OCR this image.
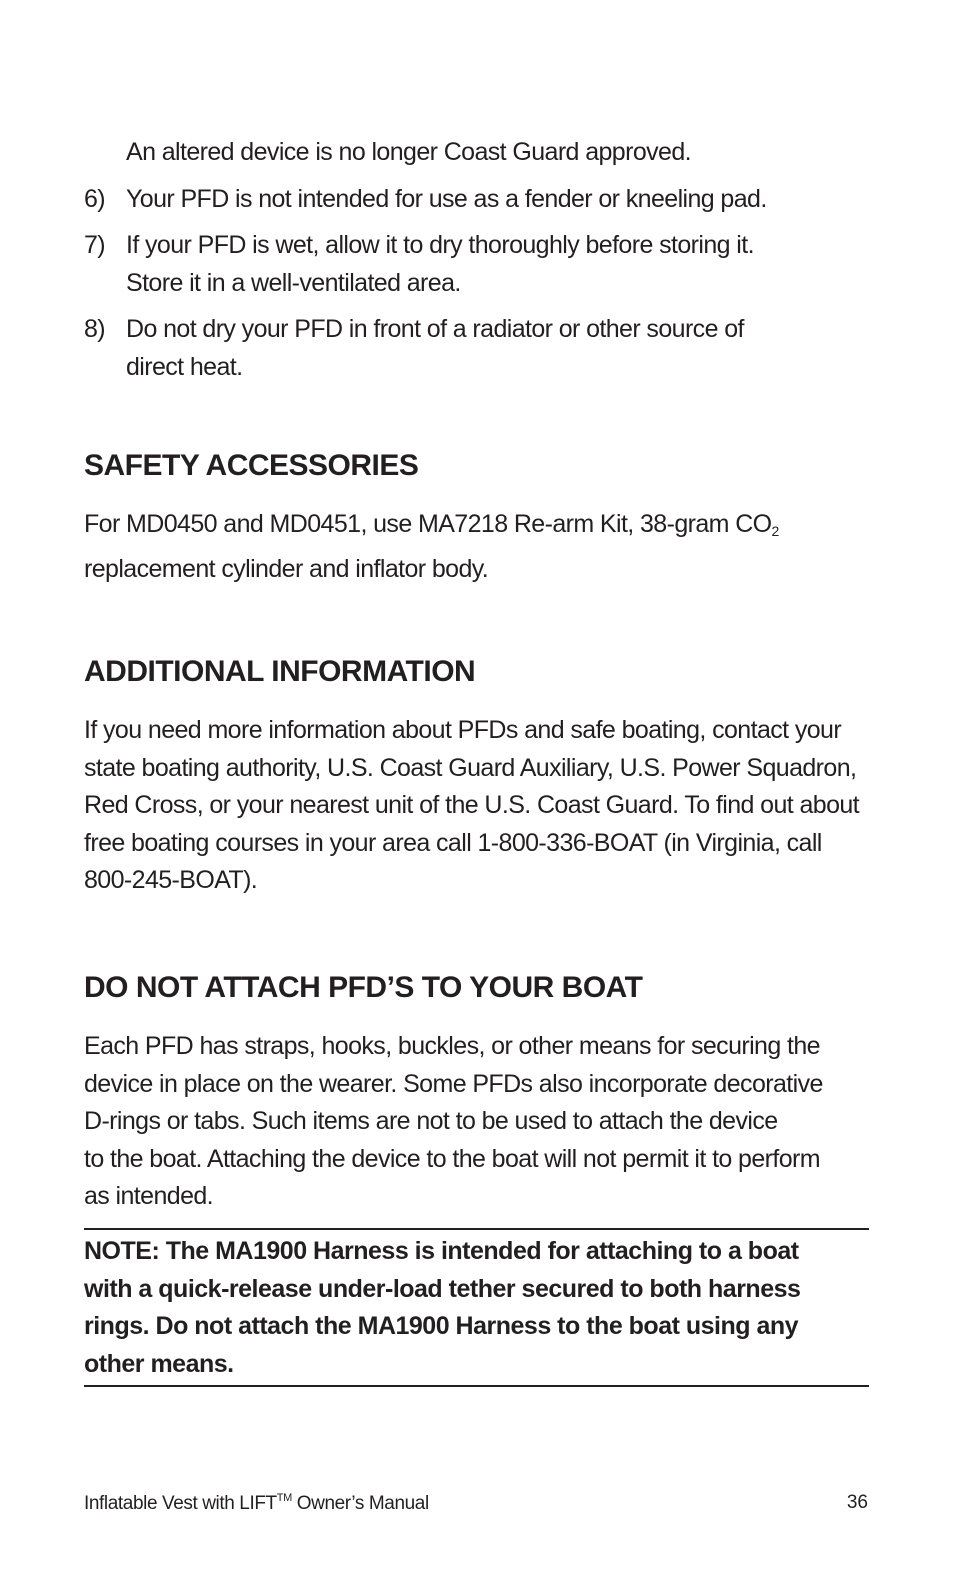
An altered device is no longer Coast Guard approved.
6) Your PFD is not intended for use as a fender or kneeling pad.
7) If your PFD is wet, allow it to dry thoroughly before storing it.
Store it in a well-ventilated area.
8) Do not dry your PFD in front of a radiator or other source of
direct heat.
SAFETY ACCESSORIES

For MD0450 and MD0451, use MA7218 Re-arm Kit, 38-gram $CO_2$
replacement cylinder and inflator body.

ADDITIONAL INFORMATION

If you need more information about PFDs and safe boating, contact your state boating authority, U.S. Coast Guard Auxiliary, U.S. Power Squadron, Red Cross, or your nearest unit of the U.S. Coast Guard. To find out about free boating courses in your area call 1-800-336-BOAT (in Virginia, call 800-245-BOAT).

DO NOT ATTACH PFD’S TO YOUR BOAT

Each PFD has straps, hooks, buckles, or other means for securing the
device in place on the wearer. Some PFDs also incorporate decorative
D-rings or tabs. Such items are not to be used to attach the device
to the boat. Attaching the device to the boat will not permit it to perform
as intended.

NOTE: The MA1900 Harness is intended for attaching to a boat
with a quick-release under-load tether secured to both harness
rings. Do not attach the MA1900 Harness to the boat using any
other means.

Inflatable Vest with LIFT™ Owner’s Manual	36
